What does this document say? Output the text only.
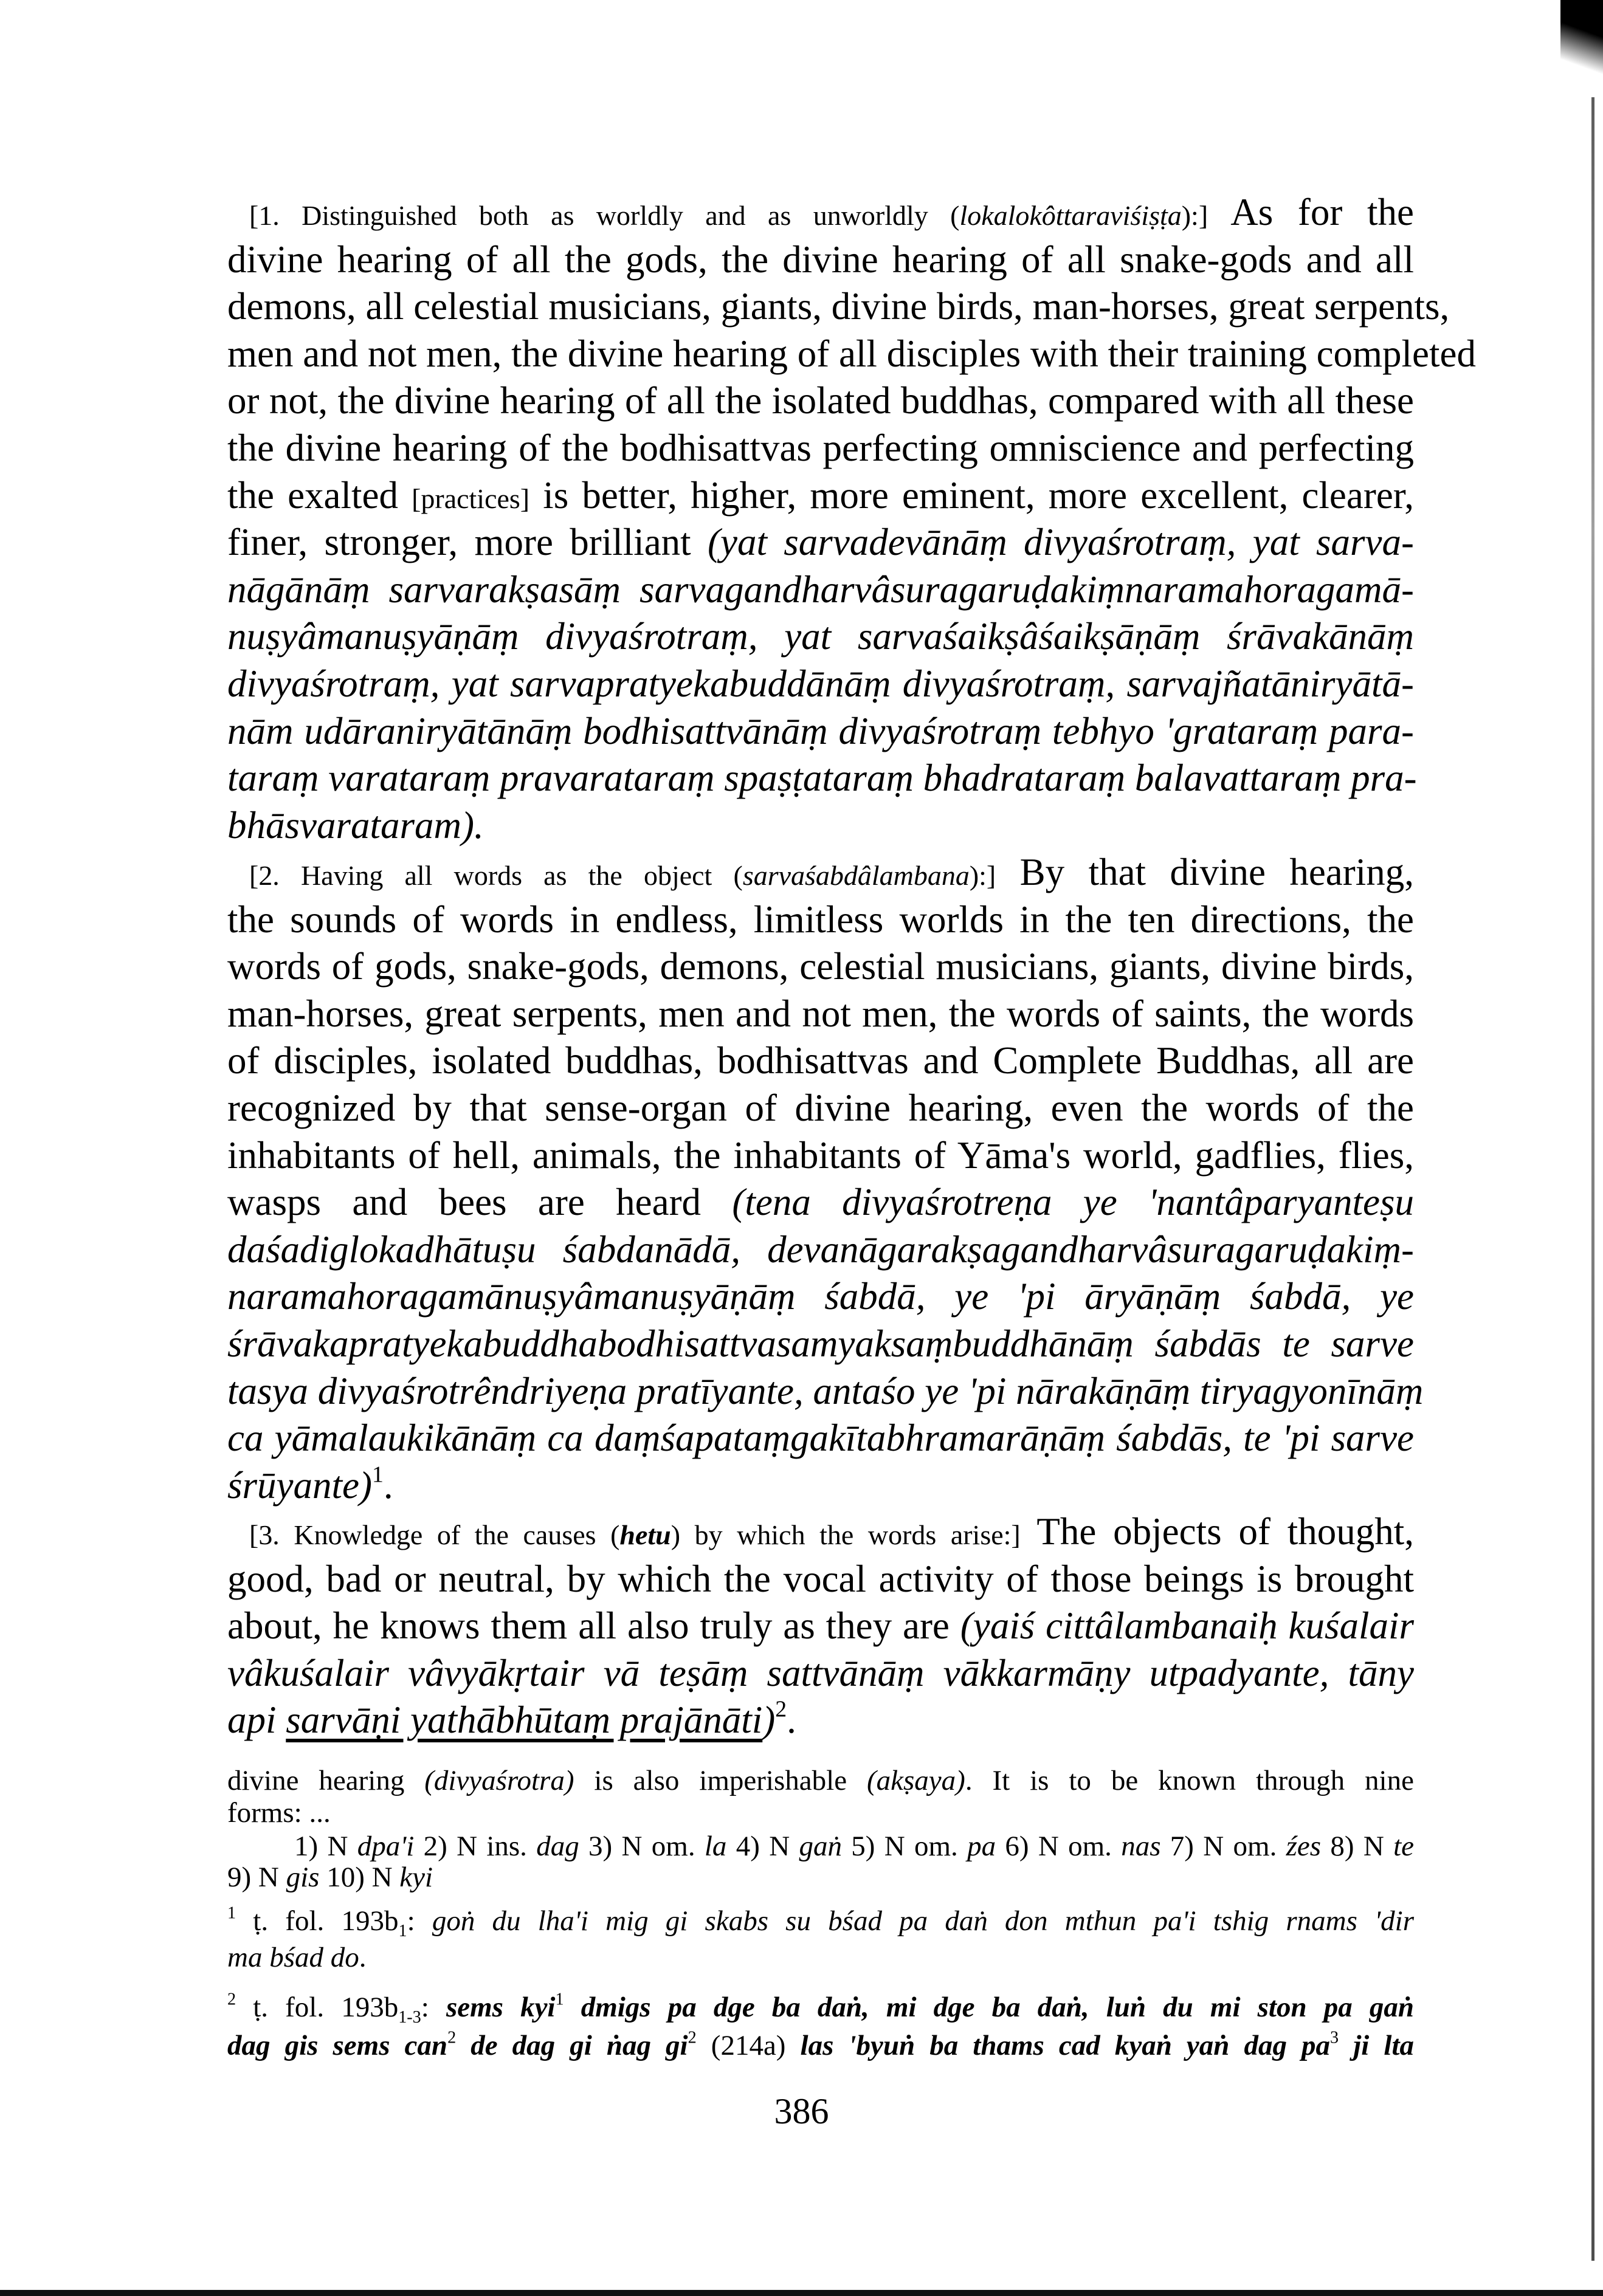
[1. Distinguished both as worldly and as unworldly (lokalokôttaraviśiṣṭa):] As for the
divine hearing of all the gods, the divine hearing of all snake-gods and all
demons, all celestial musicians, giants, divine birds, man-horses, great serpents,
men and not men, the divine hearing of all disciples with their training completed
or not, the divine hearing of all the isolated buddhas, compared with all these
the divine hearing of the bodhisattvas perfecting omniscience and perfecting
the exalted [practices] is better, higher, more eminent, more excellent, clearer,
finer, stronger, more brilliant (yat sarvadevānāṃ divyaśrotraṃ, yat sarva-
nāgānāṃ sarvarakṣasāṃ sarvagandharvâsuragaruḍakiṃnaramahoragamā-
nuṣyâmanuṣyāṇāṃ divyaśrotraṃ, yat sarvaśaikṣâśaikṣāṇāṃ śrāvakānāṃ
divyaśrotraṃ, yat sarvapratyekabuddānāṃ divyaśrotraṃ, sarvajñatāniryātā-
nām udāraniryātānāṃ bodhisattvānāṃ divyaśrotraṃ tebhyo 'grataraṃ para-
taraṃ varataraṃ pravarataraṃ spaṣṭataraṃ bhadrataraṃ balavattaraṃ pra-
bhāsvarataram).
[2. Having all words as the object (sarvaśabdâlambana):] By that divine hearing,
the sounds of words in endless, limitless worlds in the ten directions, the
words of gods, snake-gods, demons, celestial musicians, giants, divine birds,
man-horses, great serpents, men and not men, the words of saints, the words
of disciples, isolated buddhas, bodhisattvas and Complete Buddhas, all are
recognized by that sense-organ of divine hearing, even the words of the
inhabitants of hell, animals, the inhabitants of Yāma's world, gadflies, flies,
wasps and bees are heard (tena divyaśrotreṇa ye 'nantâparyanteṣu
daśadiglokadhātuṣu śabdanādā, devanāgarakṣagandharvâsuragaruḍakiṃ-
naramahoragamānuṣyâmanuṣyāṇāṃ śabdā, ye 'pi āryāṇāṃ śabdā, ye
śrāvakapratyekabuddhabodhisattvasamyaksaṃbuddhānāṃ śabdās te sarve
tasya divyaśrotrêndriyeṇa pratīyante, antaśo ye 'pi nārakāṇāṃ tiryagyonīnāṃ
ca yāmalaukikānāṃ ca daṃśapataṃgakītabhramarāṇāṃ śabdās, te 'pi sarve
śrūyante)$^1$.
[3. Knowledge of the causes (hetu) by which the words arise:] The objects of thought,
good, bad or neutral, by which the vocal activity of those beings is brought
about, he knows them all also truly as they are (yaiś cittâlambanaiḥ kuśalair
vâkuśalair vâvyākṛtair vā teṣāṃ sattvānāṃ vākkarmāṇy utpadyante, tāny
api sarvāṇi yathābhūtaṃ prajānāti)$^2$.
divine hearing (divyaśrotra) is also imperishable (akṣaya). It is to be known through nine
forms: ...
1) N dpa'i 2) N ins. dag 3) N om. la 4) N gaṅ 5) N om. pa 6) N om. nas 7) N om. źes 8) N te
9) N gis 10) N kyi
$^1$ ṭ. fol. $193b_1$: goṅ du lha'i mig gi skabs su bśad pa daṅ don mthun pa'i tshig rnams 'dir
ma bśad do.
$^2$ ṭ. fol. $193b_{1-3}$: sems kyi$^1$ dmigs pa dge ba daṅ, mi dge ba daṅ, luṅ du mi ston pa gaṅ
dag gis sems can$^2$ de dag gi ṅag $gi^2$ (214a) las 'byuṅ ba thams cad kyaṅ yaṅ dag $pa^3$ ji lta
386
